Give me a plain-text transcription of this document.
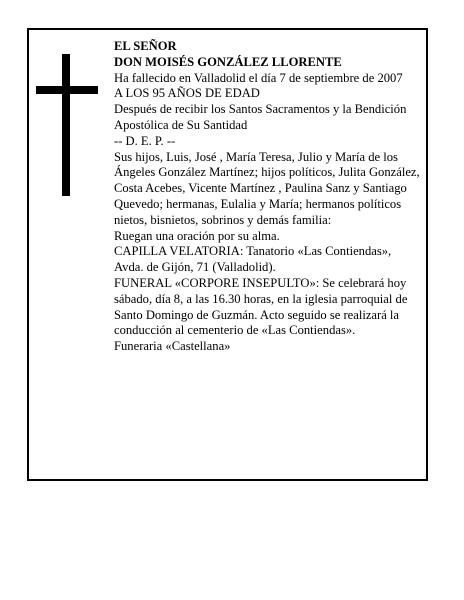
EL SEÑOR

DON MOISÉS GONZÁLEZ LLORENTE

Ha fallecido en Valladolid el día 7 de septiembre de 2007

A LOS 95 AÑOS DE EDAD

Después de recibir los Santos Sacramentos y la Bendición Apostólica de Su Santidad

-- D. E. P. --

Sus hijos, Luis, José , María Teresa, Julio y María de los Ángeles González Martínez; hijos políticos, Julita González, Costa Acebes, Vicente Martínez , Paulina Sanz y Santiago Quevedo; hermanas, Eulalia y María; hermanos políticos nietos, bisnietos, sobrinos y demás familia:

Ruegan una oración por su alma.

CAPILLA VELATORIA: Tanatorio «Las Contiendas», Avda. de Gijón, 71 (Valladolid).

FUNERAL «CORPORE INSEPULTO»: Se celebrará hoy sábado, día 8, a las 16.30 horas, en la iglesia parroquial de Santo Domingo de Guzmán. Acto seguido se realizará la conducción al cementerio de «Las Contiendas».

Funeraria «Castellana»
